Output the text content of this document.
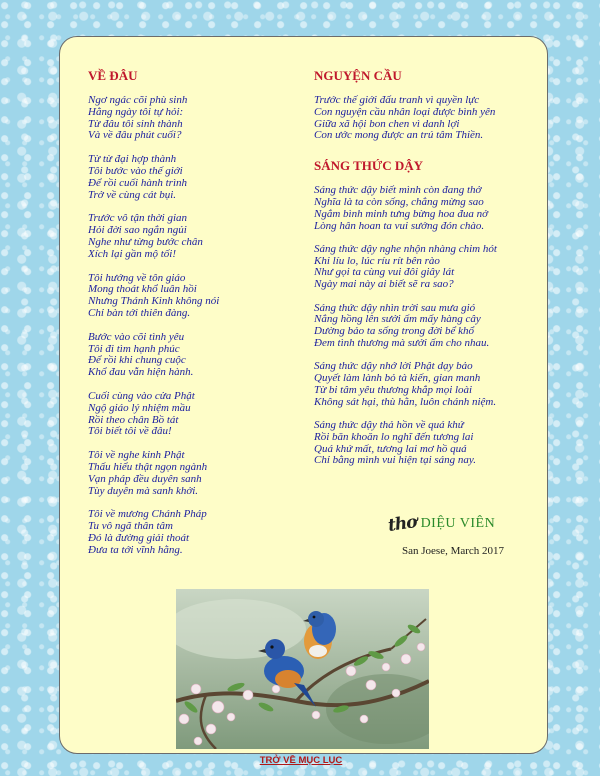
VỀ ĐÂU
Ngơ ngác cõi phù sinh
Hằng ngày tôi tự hỏi:
Từ đâu tôi sinh thành
Và về đâu phút cuối?
Từ từ đại hợp thành
Tôi bước vào thế giới
Để rồi cuối hành trình
Trở về cùng cát bụi.
Trước vô tận thời gian
Hỏi đời sao ngắn ngủi
Nghe như từng bước chân
Xích lại gần mộ tối!
Tôi hướng về tôn giáo
Mong thoát khổ luân hồi
Nhưng Thánh Kinh không nói
Chỉ bàn tới thiên đàng.
Bước vào cõi tình yêu
Tôi đi tìm hạnh phúc
Để rồi khi chung cuộc
Khổ đau vẫn hiện hành.
Cuối cùng vào cửa Phật
Ngộ giáo lý nhiệm mầu
Rồi theo chân Bồ tát
Tôi biết tôi về đâu!
Tôi về nghe kinh Phật
Thấu hiểu thật ngọn ngành
Vạn pháp đều duyên sanh
Tùy duyên mà sanh khởi.
Tôi về mương Chánh Pháp
Tu vô ngã thân tâm
Đó là đường giải thoát
Đưa ta tới vĩnh hằng.
NGUYỆN CẦU
Trước thế giới đấu tranh vì quyền lực
Con nguyện cầu nhân loại được bình yên
Giữa xã hội bon chen vì danh lợi
Con ước mong được an trú tâm Thiền.
SÁNG THỨC DẬY
Sáng thức dậy biết mình còn đang thở
Nghĩa là ta còn sống, chẳng mừng sao
Ngắm bình minh tưng bừng hoa đua nở
Lòng hân hoan ta vui sướng đón chào.
Sáng thức dậy nghe nhộn nhàng chim hót
Khi líu lo, lúc ríu rít bên rào
Như gọi ta cùng vui đôi giây lát
Ngày mai này ai biết sẽ ra sao?
Sáng thức dậy nhìn trời sau mưa gió
Nắng hồng lên sưởi ấm mấy hàng cây
Dường bảo ta sống trong đời bể khổ
Đem tình thương mà sưởi ấm cho nhau.
Sáng thức dậy nhớ lời Phật dạy bảo
Quyết làm lành bỏ tà kiến, gian manh
Từ bi tâm yêu thương khắp mọi loài
Không sát hại, thù hằn, luôn chánh niệm.
Sáng thức dậy thả hồn về quá khứ
Rồi băn khoăn lo nghĩ đến tương lai
Quá khứ mất, tương lai mơ hồ quá
Chỉ bằng mình vui hiện tại sáng nay.
thơ DIỆU VIÊN
San Joese, March 2017
TRỞ VỀ MỤC LỤC
